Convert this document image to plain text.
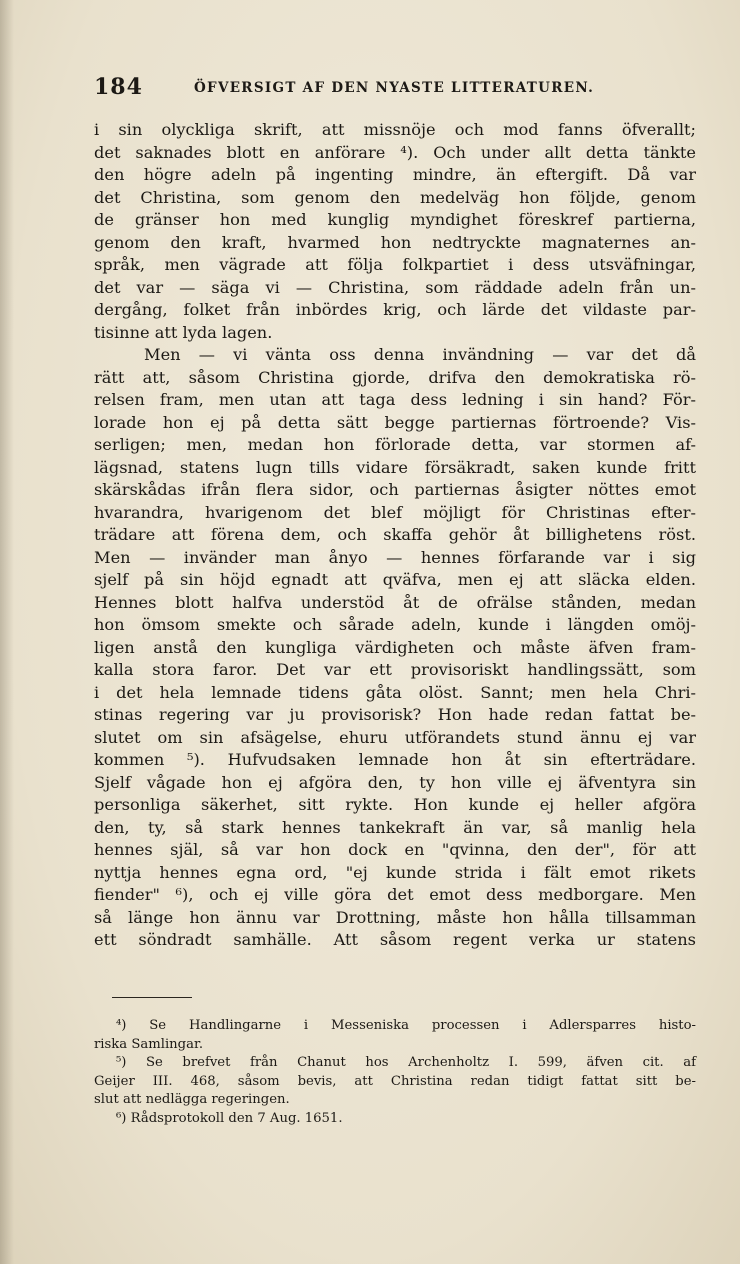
184	ÖFVERSIGT AF DEN NYASTE LITTERATUREN.
i sin olyckliga skrift, att missnöje och mod fanns öfverallt;
det saknades blott en anförare ⁴). Och under allt detta tänkte
den högre adeln på ingenting mindre, än eftergift. Då var
det Christina, som genom den medelväg hon följde, genom
de gränser hon med kunglig myndighet föreskref partierna,
genom den kraft, hvarmed hon nedtryckte magnaternes an-
språk, men vägrade att följa folkpartiet i dess utsväfningar,
det var — säga vi — Christina, som räddade adeln från un-
dergång, folket från inbördes krig, och lärde det vildaste par-
tisinne att lyda lagen.
Men — vi vänta oss denna invändning — var det då
rätt att, såsom Christina gjorde, drifva den demokratiska rö-
relsen fram, men utan att taga dess ledning i sin hand? För-
lorade hon ej på detta sätt begge partiernas förtroende? Vis-
serligen; men, medan hon förlorade detta, var stormen af-
lägsnad, statens lugn tills vidare försäkradt, saken kunde fritt
skärskådas ifrån flera sidor, och partiernas åsigter nöttes emot
hvarandra, hvarigenom det blef möjligt för Christinas efter-
trädare att förena dem, och skaffa gehör åt billighetens röst.
Men — invänder man ånyo — hennes förfarande var i sig
sjelf på sin höjd egnadt att qväfva, men ej att släcka elden.
Hennes blott halfva understöd åt de ofrälse stånden, medan
hon ömsom smekte och sårade adeln, kunde i längden omöj-
ligen anstå den kungliga värdigheten och måste äfven fram-
kalla stora faror. Det var ett provisoriskt handlingssätt, som
i det hela lemnade tidens gåta olöst. Sannt; men hela Chri-
stinas regering var ju provisorisk? Hon hade redan fattat be-
slutet om sin afsägelse, ehuru utförandets stund ännu ej var
kommen ⁵). Hufvudsaken lemnade hon åt sin efterträdare.
Sjelf vågade hon ej afgöra den, ty hon ville ej äfventyra sin
personliga säkerhet, sitt rykte. Hon kunde ej heller afgöra
den, ty, så stark hennes tankekraft än var, så manlig hela
hennes själ, så var hon dock en "qvinna, den der", för att
nyttja hennes egna ord, "ej kunde strida i fält emot rikets
fiender" ⁶), och ej ville göra det emot dess medborgare. Men
så länge hon ännu var Drottning, måste hon hålla tillsamman
ett söndradt samhälle. Att såsom regent verka ur statens
⁴) Se Handlingarne i Messeniska processen i Adlersparres histo-
riska Samlingar.
⁵) Se brefvet från Chanut hos Archenholtz I. 599, äfven cit. af
Geijer III. 468, såsom bevis, att Christina redan tidigt fattat sitt be-
slut att nedlägga regeringen.
⁶) Rådsprotokoll den 7 Aug. 1651.
